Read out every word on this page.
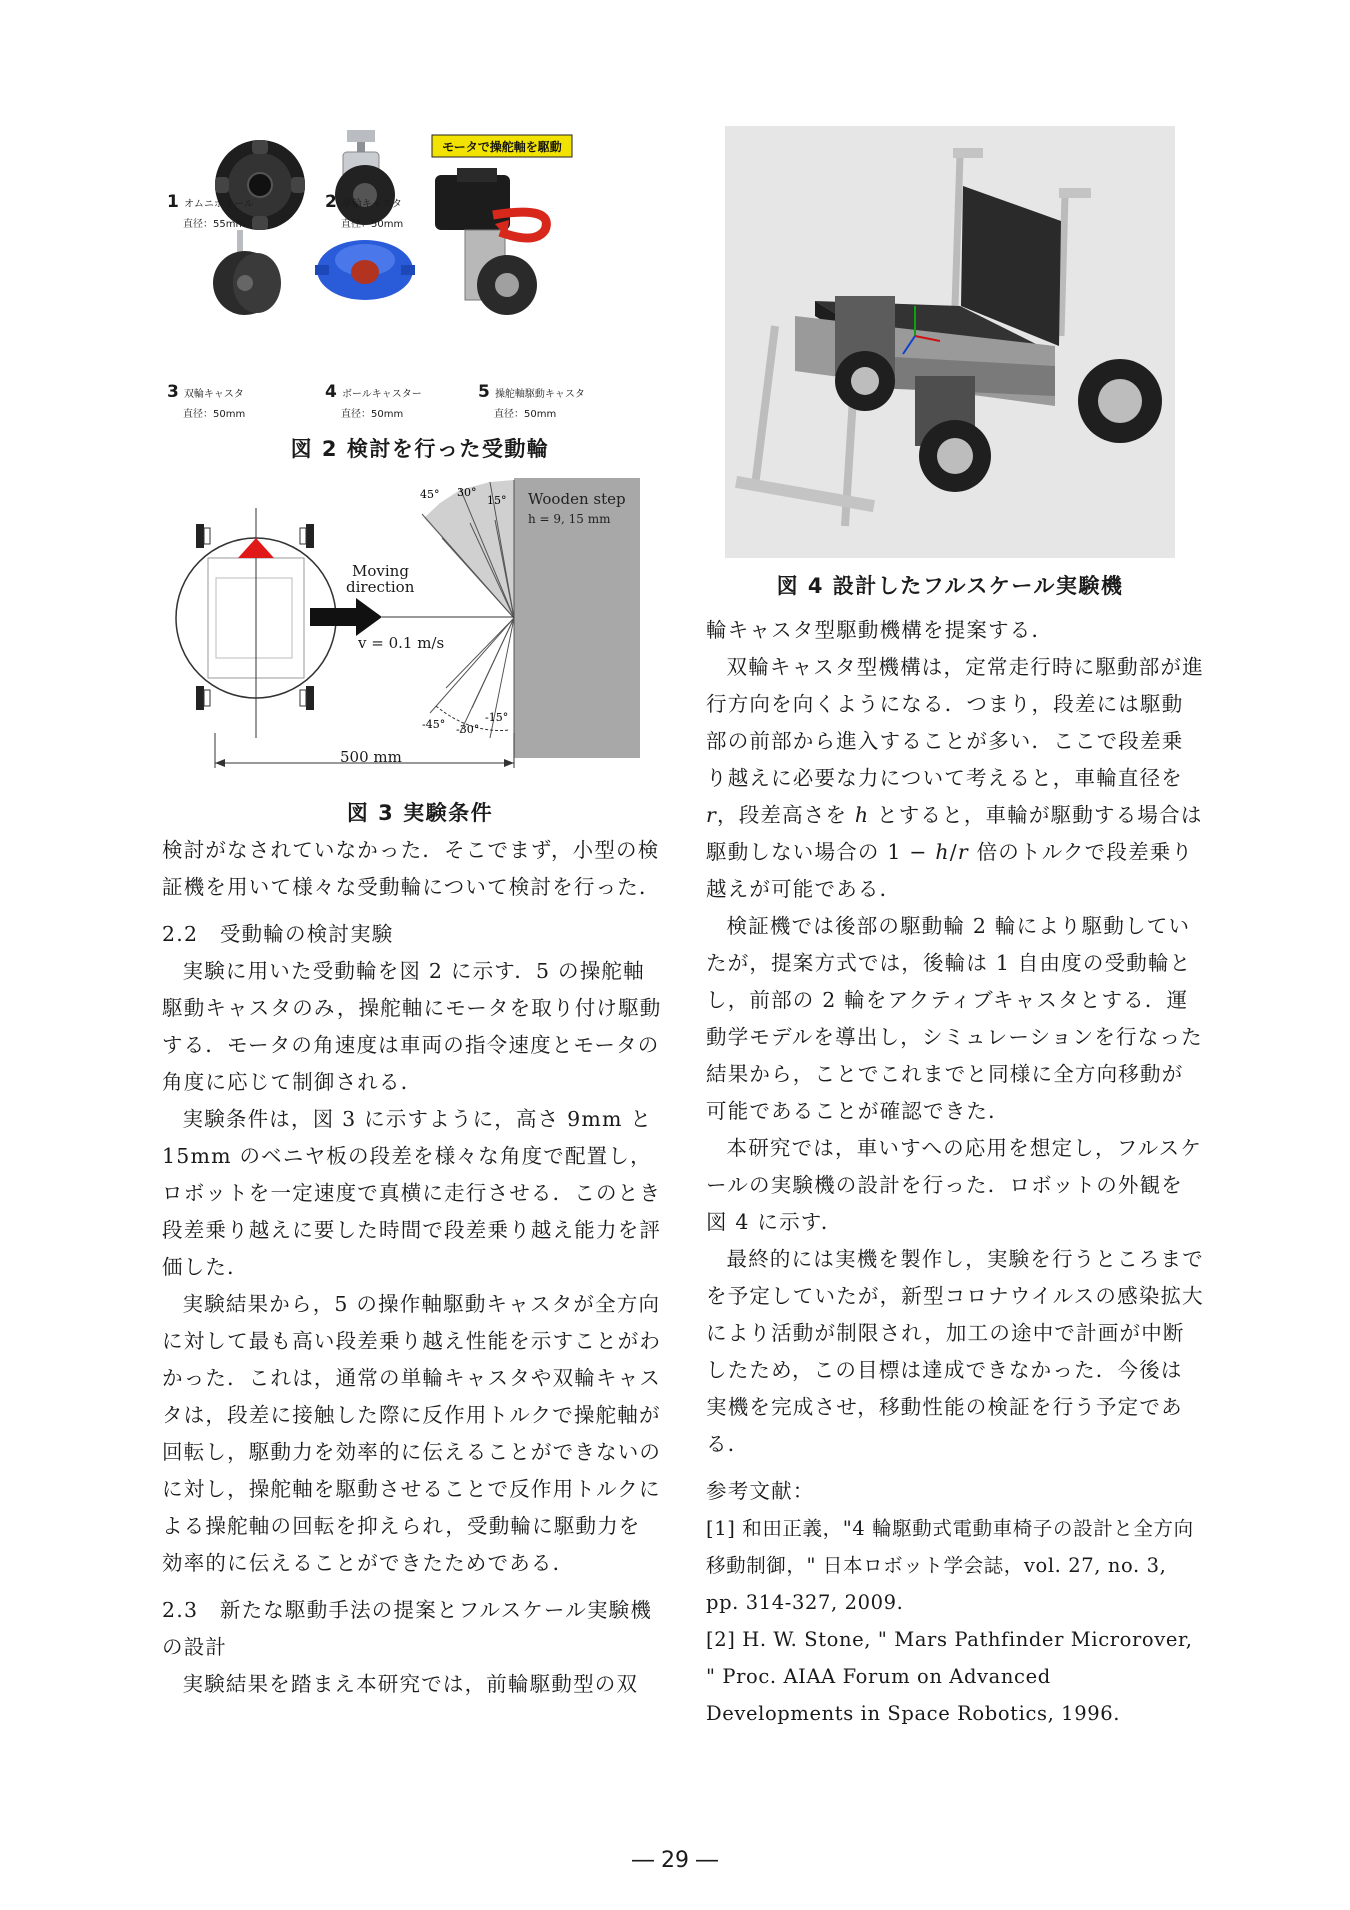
モータで操舵軸を駆動
1 オムニホイール
直径：55mm
2 単輪キャスタ
直径：50mm
3 双輪キャスタ
直径：50mm
4 ボールキャスター
直径：50mm
5 操舵軸駆動キャスタ
直径：50mm
図 2 検討を行った受動輪
45° 30°
15°
-45° -30°
-15°
Wooden step
h = 9, 15 mm
Moving
direction
v = 0.1 m/s
500 mm
図 3 実験条件
図 4 設計したフルスケール実験機

検討がなされていなかった．そこでまず，小型の検証機を用いて様々な受動輪について検討を行った．

2.2　受動輪の検討実験

実験に用いた受動輪を図 2 に示す．5 の操舵軸駆動キャスタのみ，操舵軸にモータを取り付け駆動する．モータの角速度は車両の指令速度とモータの角度に応じて制御される．

実験条件は，図 3 に示すように，高さ 9mm と 15mm のベニヤ板の段差を様々な角度で配置し，ロボットを一定速度で真横に走行させる．このとき段差乗り越えに要した時間で段差乗り越え能力を評価した．

実験結果から，5 の操作軸駆動キャスタが全方向に対して最も高い段差乗り越え性能を示すことがわかった．これは，通常の単輪キャスタや双輪キャスタは，段差に接触した際に反作用トルクで操舵軸が回転し，駆動力を効率的に伝えることができないのに対し，操舵軸を駆動させることで反作用トルクによる操舵軸の回転を抑えられ，受動輪に駆動力を効率的に伝えることができたためである．

2.3　新たな駆動手法の提案とフルスケール実験機の設計

実験結果を踏まえ本研究では，前輪駆動型の双

輪キャスタ型駆動機構を提案する．

双輪キャスタ型機構は，定常走行時に駆動部が進行方向を向くようになる．つまり，段差には駆動部の前部から進入することが多い．ここで段差乗り越えに必要な力について考えると，車輪直径を𝑟，段差高さを ℎ とすると，車輪が駆動する場合は駆動しない場合の 1 − ℎ/𝑟 倍のトルクで段差乗り越えが可能である．

検証機では後部の駆動輪 2 輪により駆動していたが，提案方式では，後輪は 1 自由度の受動輪とし，前部の 2 輪をアクティブキャスタとする．運動学モデルを導出し，シミュレーションを行なった結果から，ことでこれまでと同様に全方向移動が可能であることが確認できた．

本研究では，車いすへの応用を想定し，フルスケールの実験機の設計を行った．ロボットの外観を図 4 に示す．

最終的には実機を製作し，実験を行うところまでを予定していたが，新型コロナウイルスの感染拡大により活動が制限され，加工の途中で計画が中断したため，この目標は達成できなかった．今後は実機を完成させ，移動性能の検証を行う予定である．

参考文献：

[1] 和田正義，"4 輪駆動式電動車椅子の設計と全方向移動制御，" 日本ロボット学会誌，vol. 27, no. 3, pp. 314-327, 2009.

[2] H. W. Stone, " Mars Pathfinder Microrover, " Proc. AIAA Forum on Advanced Developments in Space Robotics, 1996.

― 29 ―
